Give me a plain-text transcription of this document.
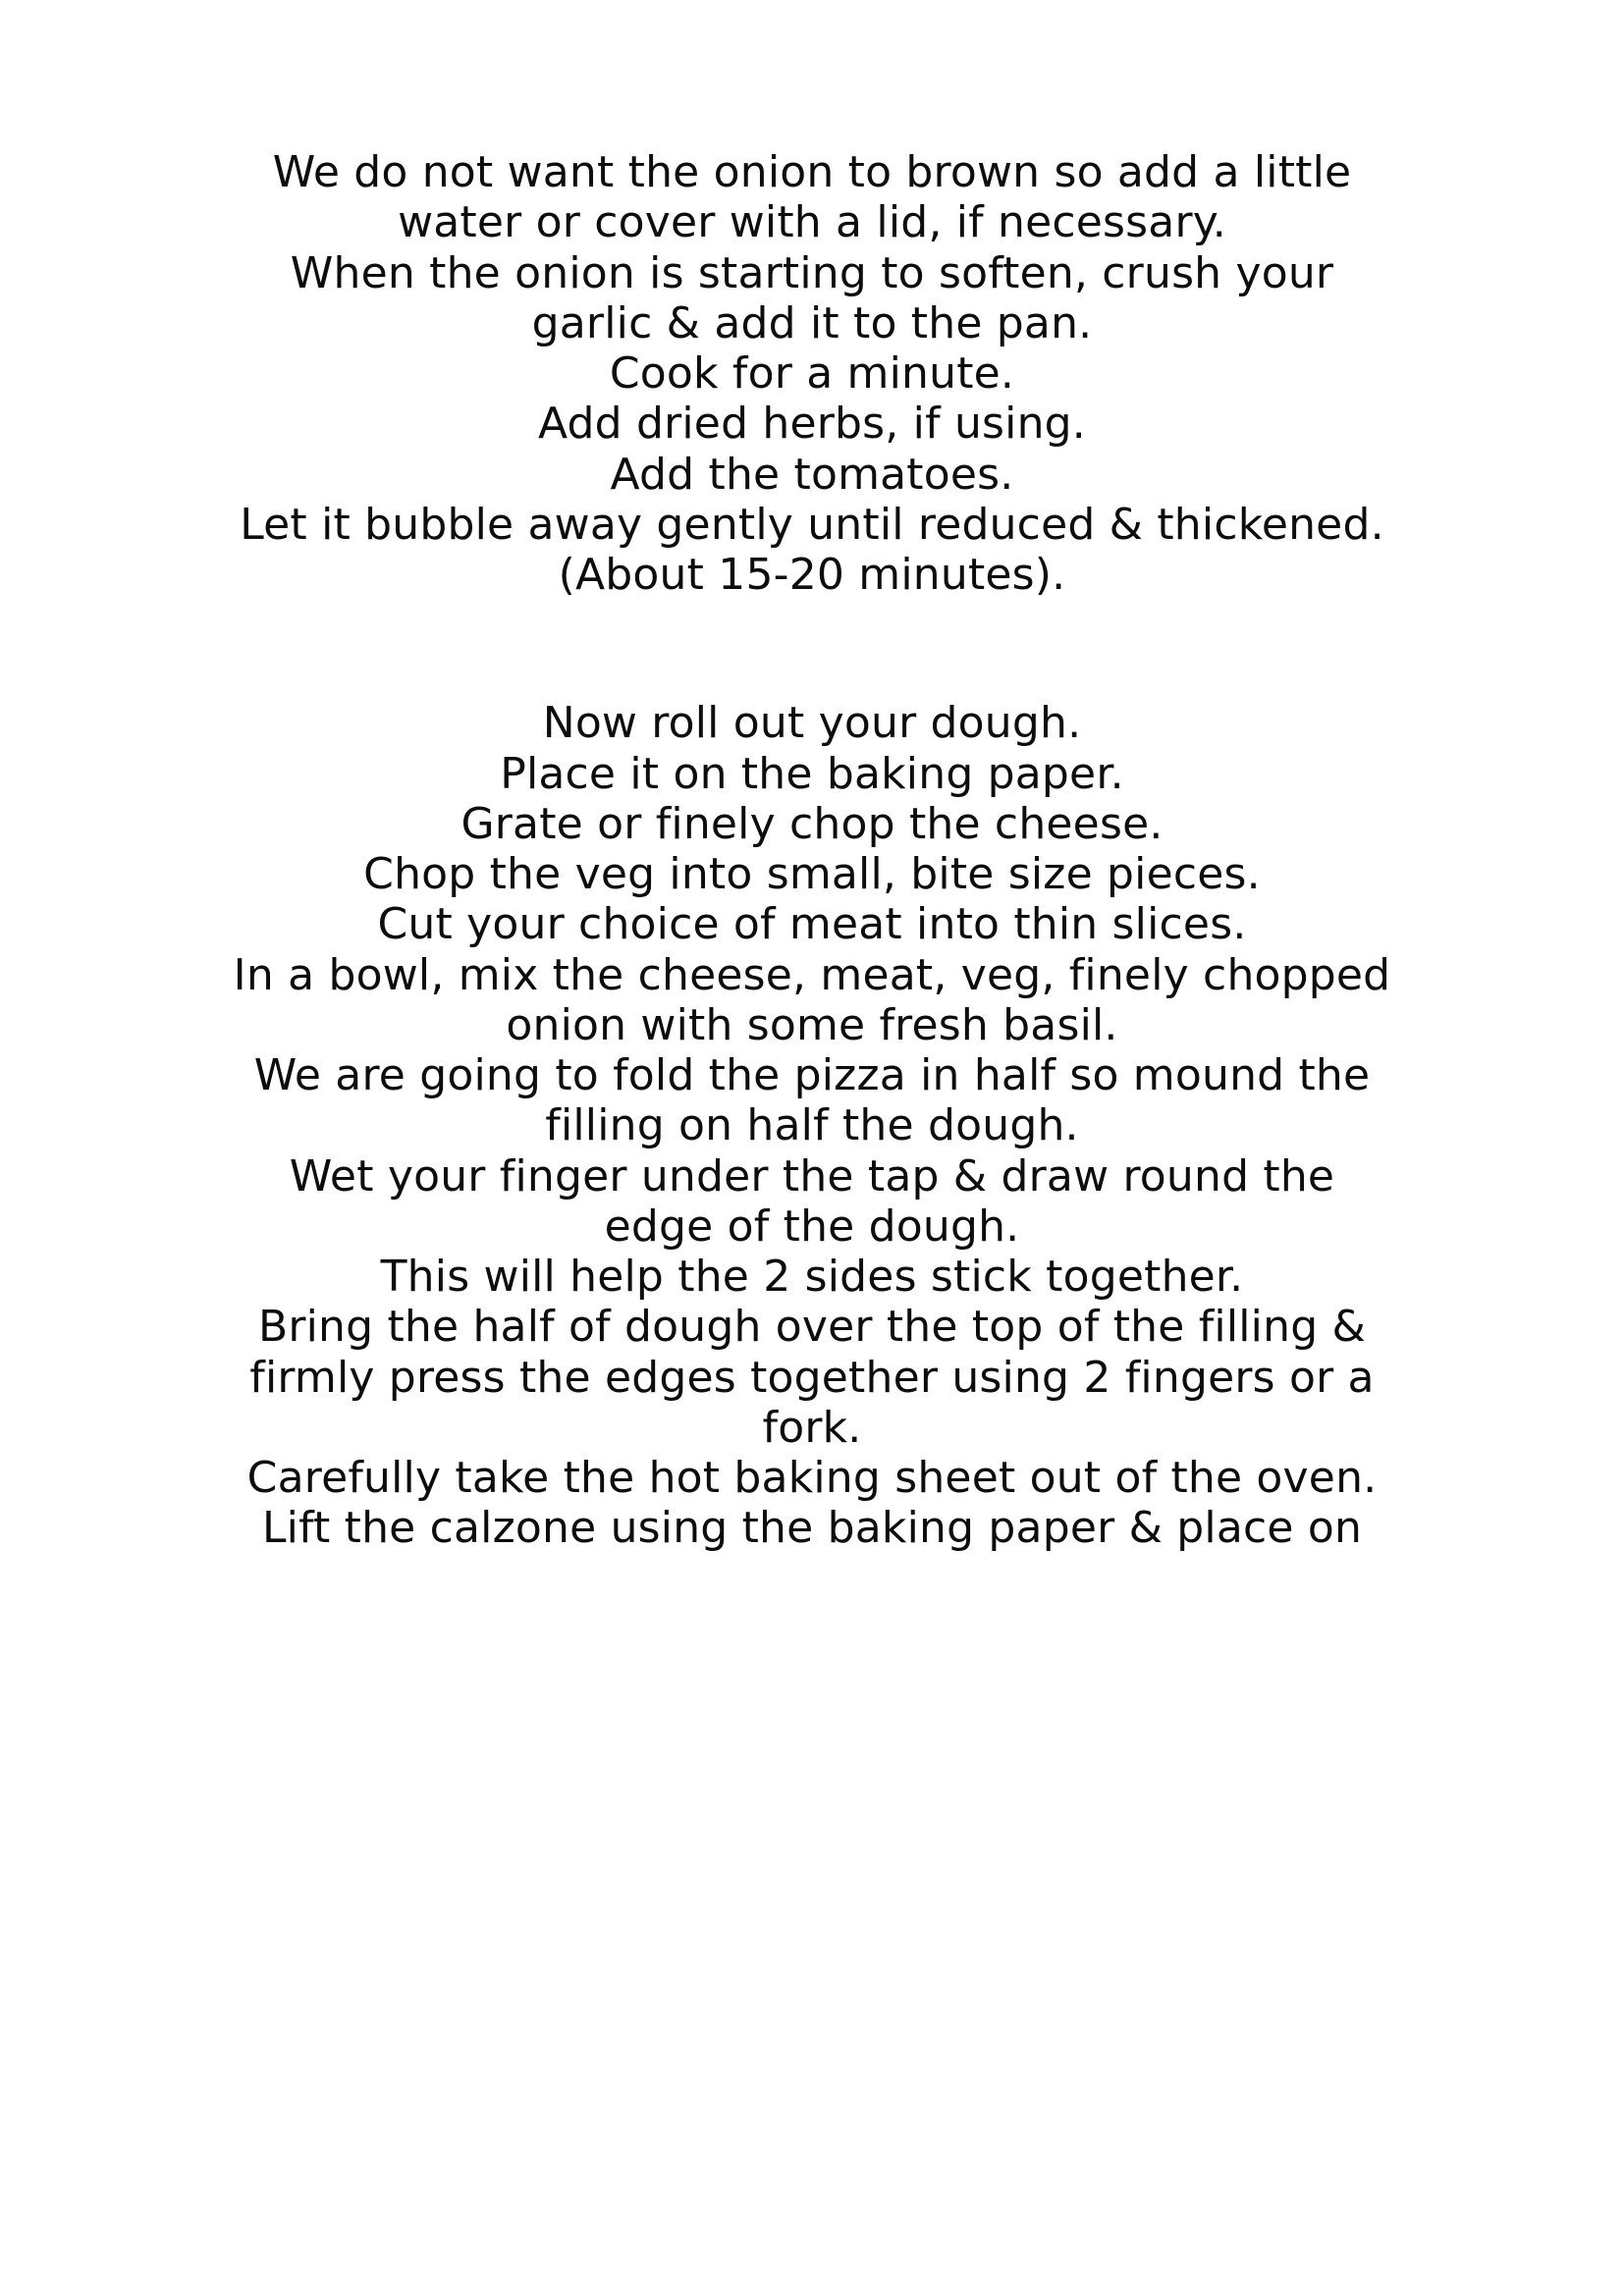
We do not want the onion to brown so add a little
water or cover with a lid, if necessary.
When the onion is starting to soften, crush your
garlic & add it to the pan.
Cook for a minute.
Add dried herbs, if using.
Add the tomatoes.
Let it bubble away gently until reduced & thickened.
(About 15-20 minutes).

Now roll out your dough.
Place it on the baking paper.
Grate or finely chop the cheese.
Chop the veg into small, bite size pieces.
Cut your choice of meat into thin slices.
In a bowl, mix the cheese, meat, veg, finely chopped
onion with some fresh basil.
We are going to fold the pizza in half so mound the
filling on half the dough.
Wet your finger under the tap & draw round the
edge of the dough.
This will help the 2 sides stick together.
Bring the half of dough over the top of the filling &
firmly press the edges together using 2 fingers or a
fork.
Carefully take the hot baking sheet out of the oven.
Lift the calzone using the baking paper & place on
